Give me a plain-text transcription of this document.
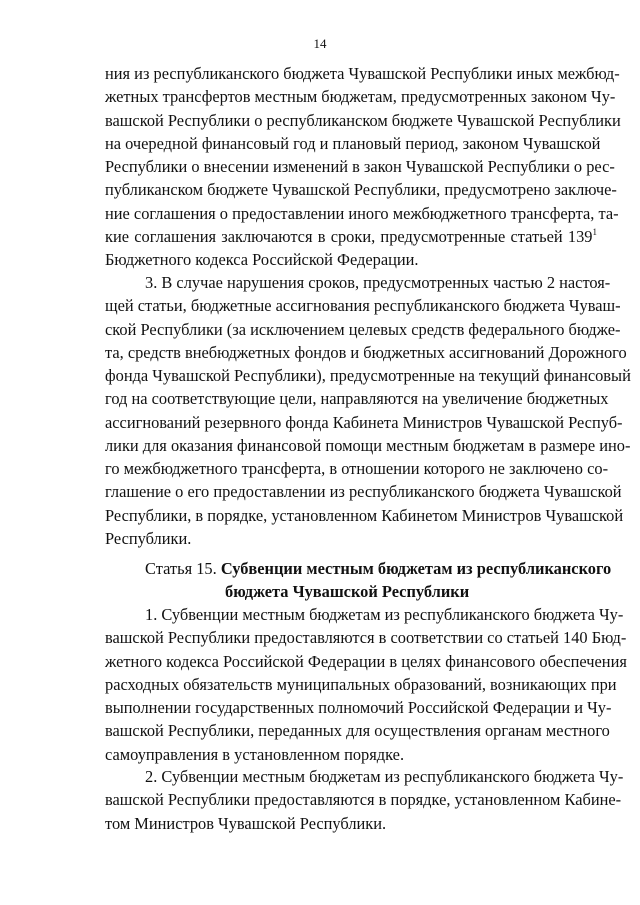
14
ния из республиканского бюджета Чувашской Республики иных межбюд-
жетных трансфертов местным бюджетам, предусмотренных законом Чу-
вашской Республики о республиканском бюджете Чувашской Республики
на очередной финансовый год и плановый период, законом Чувашской
Республики о внесении изменений в закон Чувашской Республики о рес-
публиканском бюджете Чувашской Республики, предусмотрено заключе-
ние соглашения о предоставлении иного межбюджетного трансферта, та-
кие соглашения заключаются в сроки, предусмотренные статьей $139^1$
Бюджетного кодекса Российской Федерации.
3. В случае нарушения сроков, предусмотренных частью 2 настоя-
щей статьи, бюджетные ассигнования республиканского бюджета Чуваш-
ской Республики (за исключением целевых средств федерального бюдже-
та, средств внебюджетных фондов и бюджетных ассигнований Дорожного
фонда Чувашской Республики), предусмотренные на текущий финансовый
год на соответствующие цели, направляются на увеличение бюджетных
ассигнований резервного фонда Кабинета Министров Чувашской Респуб-
лики для оказания финансовой помощи местным бюджетам в размере ино-
го межбюджетного трансферта, в отношении которого не заключено со-
глашение о его предоставлении из республиканского бюджета Чувашской
Республики, в порядке, установленном Кабинетом Министров Чувашской
Республики.
Статья 15. Субвенции местным бюджетам из республиканского
бюджета Чувашской Республики
1. Субвенции местным бюджетам из республиканского бюджета Чу-
вашской Республики предоставляются в соответствии со статьей 140 Бюд-
жетного кодекса Российской Федерации в целях финансового обеспечения
расходных обязательств муниципальных образований, возникающих при
выполнении государственных полномочий Российской Федерации и Чу-
вашской Республики, переданных для осуществления органам местного
самоуправления в установленном порядке.
2. Субвенции местным бюджетам из республиканского бюджета Чу-
вашской Республики предоставляются в порядке, установленном Кабине-
том Министров Чувашской Республики.
